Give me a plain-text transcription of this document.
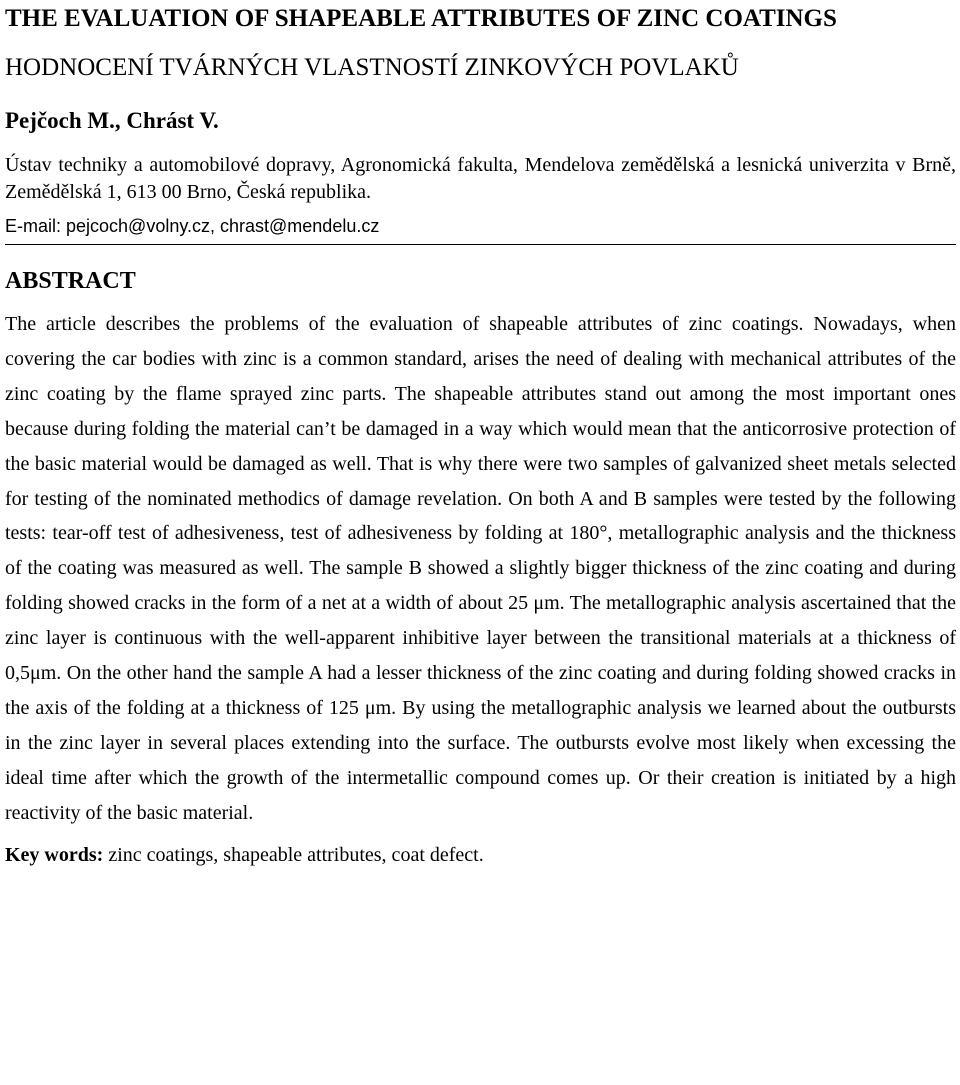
THE EVALUATION OF SHAPEABLE ATTRIBUTES OF ZINC COATINGS
HODNOCENÍ TVÁRNÝCH VLASTNOSTÍ ZINKOVÝCH POVLAKŮ
Pejčoch M., Chrást V.
Ústav techniky a automobilové dopravy, Agronomická fakulta, Mendelova zemědělská a lesnická univerzita v Brně, Zemědělská 1, 613 00 Brno, Česká republika.
E-mail: pejcoch@volny.cz, chrast@mendelu.cz
ABSTRACT

The article describes the problems of the evaluation of shapeable attributes of zinc coatings. Nowadays, when covering the car bodies with zinc is a common standard, arises the need of dealing with mechanical attributes of the zinc coating by the flame sprayed zinc parts. The shapeable attributes stand out among the most important ones because during folding the material can’t be damaged in a way which would mean that the anticorrosive protection of the basic material would be damaged as well. That is why there were two samples of galvanized sheet metals selected for testing of the nominated methodics of damage revelation. On both A and B samples were tested by the following tests: tear-off test of adhesiveness, test of adhesiveness by folding at 180°, metallographic analysis and the thickness of the coating was measured as well. The sample B showed a slightly bigger thickness of the zinc coating and during folding showed cracks in the form of a net at a width of about 25 μm. The metallographic analysis ascertained that the zinc layer is continuous with the well-apparent inhibitive layer between the transitional materials at a thickness of 0,5μm. On the other hand the sample A had a lesser thickness of the zinc coating and during folding showed cracks in the axis of the folding at a thickness of 125 μm. By using the metallographic analysis we learned about the outbursts in the zinc layer in several places extending into the surface. The outbursts evolve most likely when excessing the ideal time after which the growth of the intermetallic compound comes up. Or their creation is initiated by a high reactivity of the basic material.

Key words: zinc coatings, shapeable attributes, coat defect.
